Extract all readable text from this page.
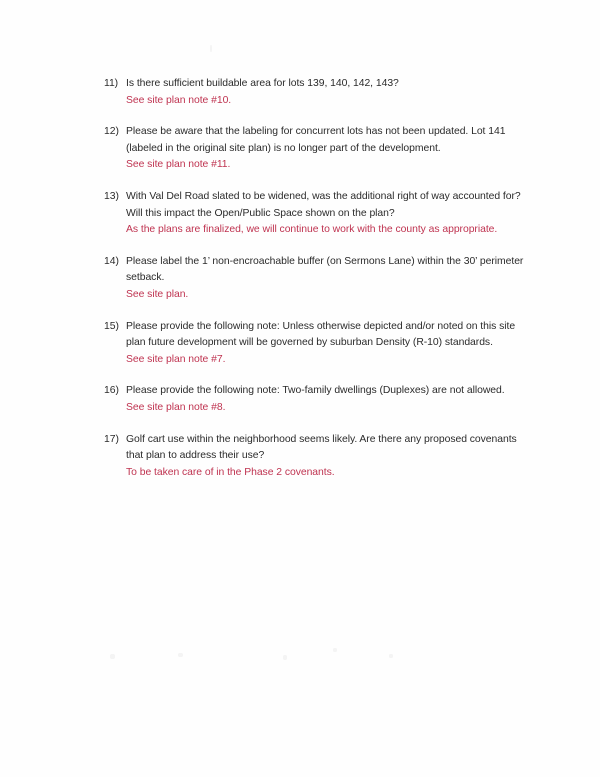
11) Is there sufficient buildable area for lots 139, 140, 142, 143?

See site plan note #10.

12) Please be aware that the labeling for concurrent lots has not been updated. Lot 141 (labeled in the original site plan) is no longer part of the development.

See site plan note #11.

13) With Val Del Road slated to be widened, was the additional right of way accounted for? Will this impact the Open/Public Space shown on the plan?

As the plans are finalized, we will continue to work with the county as appropriate.

14) Please label the 1’ non-encroachable buffer (on Sermons Lane) within the 30’ perimeter setback.

See site plan.

15) Please provide the following note: Unless otherwise depicted and/or noted on this site plan future development will be governed by suburban Density (R-10) standards.

See site plan note #7.

16) Please provide the following note: Two-family dwellings (Duplexes) are not allowed.

See site plan note #8.

17) Golf cart use within the neighborhood seems likely. Are there any proposed covenants that plan to address their use?

To be taken care of in the Phase 2 covenants.
